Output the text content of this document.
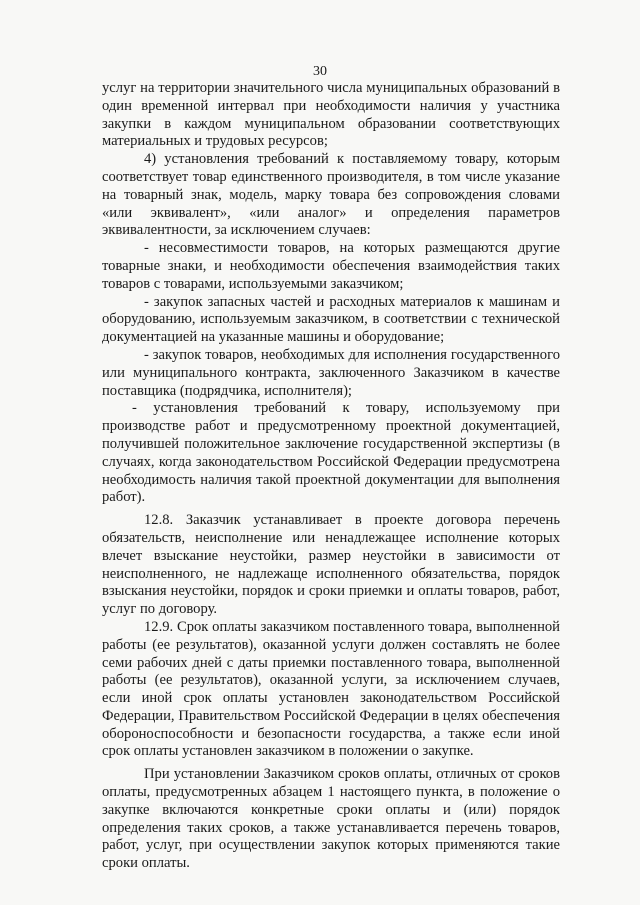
30

услуг на территории значительного числа муниципальных образований в один временной интервал при необходимости наличия у участника закупки в каждом муниципальном образовании соответствующих материальных и трудовых ресурсов;

4) установления требований к поставляемому товару, которым соответствует товар единственного производителя, в том числе указание на товарный знак, модель, марку товара без сопровождения словами «или эквивалент», «или аналог» и определения параметров эквивалентности, за исключением случаев:

- несовместимости товаров, на которых размещаются другие товарные знаки, и необходимости обеспечения взаимодействия таких товаров с товарами, используемыми заказчиком;

- закупок запасных частей и расходных материалов к машинам и оборудованию, используемым заказчиком, в соответствии с технической документацией на указанные машины и оборудование;

- закупок товаров, необходимых для исполнения государственного или муниципального контракта, заключенного Заказчиком в качестве поставщика (подрядчика, исполнителя);

- установления требований к товару, используемому при производстве работ и предусмотренному проектной документацией, получившей положительное заключение государственной экспертизы (в случаях, когда законодательством Российской Федерации предусмотрена необходимость наличия такой проектной документации для выполнения работ).

12.8. Заказчик устанавливает в проекте договора перечень обязательств, неисполнение или ненадлежащее исполнение которых влечет взыскание неустойки, размер неустойки в зависимости от неисполненного, не надлежаще исполненного обязательства, порядок взыскания неустойки, порядок и сроки приемки и оплаты товаров, работ, услуг по договору.

12.9. Срок оплаты заказчиком поставленного товара, выполненной работы (ее результатов), оказанной услуги должен составлять не более семи рабочих дней с даты приемки поставленного товара, выполненной работы (ее результатов), оказанной услуги, за исключением случаев, если иной срок оплаты установлен законодательством Российской Федерации, Правительством Российской Федерации в целях обеспечения обороноспособности и безопасности государства, а также если иной срок оплаты установлен заказчиком в положении о закупке.

При установлении Заказчиком сроков оплаты, отличных от сроков оплаты, предусмотренных абзацем 1 настоящего пункта, в положение о закупке включаются конкретные сроки оплаты и (или) порядок определения таких сроков, а также устанавливается перечень товаров, работ, услуг, при осуществлении закупок которых применяются такие сроки оплаты.
